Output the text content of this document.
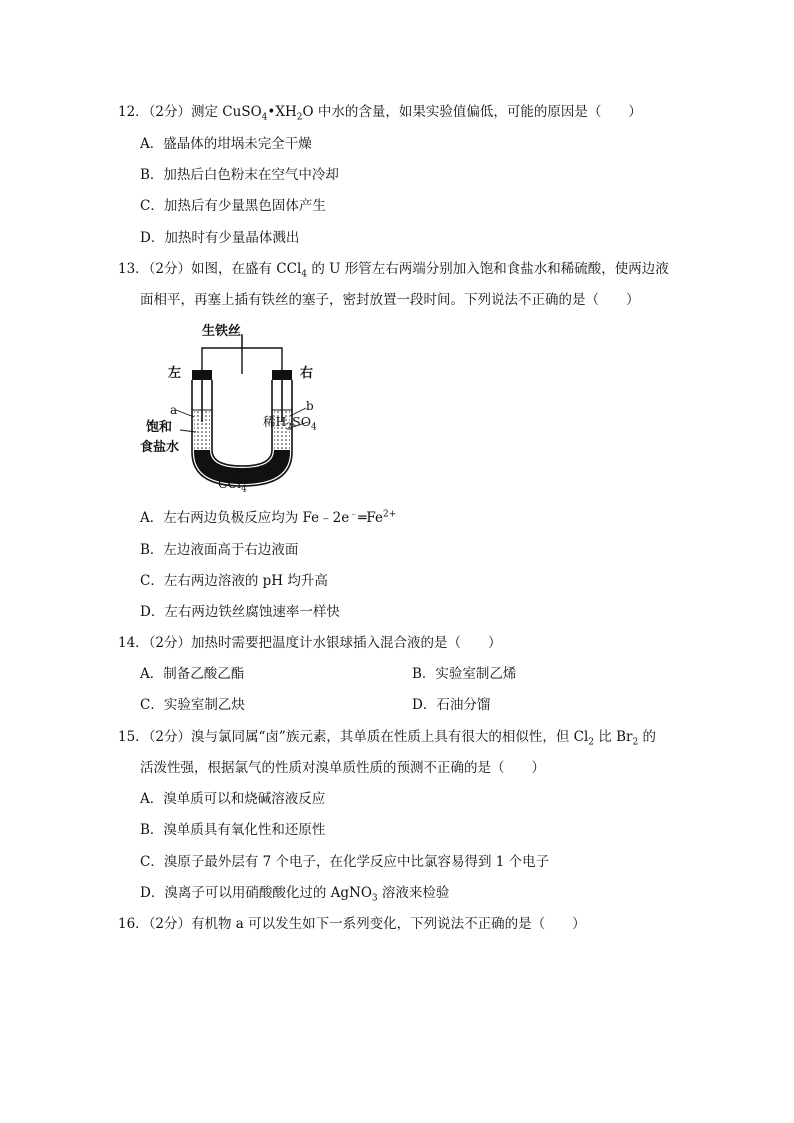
12．（2分）测定 $CuSO_4•XH_2O$ 中水的含量，如果实验值偏低，可能的原因是（　　）
A．盛晶体的坩埚未完全干燥
B．加热后白色粉末在空气中冷却
C．加热后有少量黑色固体产生
D．加热时有少量晶体溅出
13．（2分）如图，在盛有 CCl$_4$ 的 U 形管左右两端分别加入饱和食盐水和稀硫酸，使两边液
面相平，再塞上插有铁丝的塞子，密封放置一段时间。下列说法不正确的是（　　）
生铁丝
左	右
a	b
饱和
食盐水
稀$H_2SO_4$
CCl$_4$
A．左右两边负极反应均为 $Fe﹣2e^﹣═Fe^{2+}$
B．左边液面高于右边液面
C．左右两边溶液的 pH 均升高
D．左右两边铁丝腐蚀速率一样快
14．（2分）加热时需要把温度计水银球插入混合液的是（　　）
A．制备乙酸乙酯	B．实验室制乙烯
C．实验室制乙炔	D．石油分馏
15．（2分）溴与氯同属“卤”族元素，其单质在性质上具有很大的相似性，但 $Cl_2$ 比 $Br_2$ 的
活泼性强，根据氯气的性质对溴单质性质的预测不正确的是（　　）
A．溴单质可以和烧碱溶液反应
B．溴单质具有氧化性和还原性
C．溴原子最外层有 7 个电子，在化学反应中比氯容易得到 1 个电子
D．溴离子可以用硝酸酸化过的 AgNO$_3$ 溶液来检验
16．（2分）有机物 a 可以发生如下一系列变化，下列说法不正确的是（　　）
